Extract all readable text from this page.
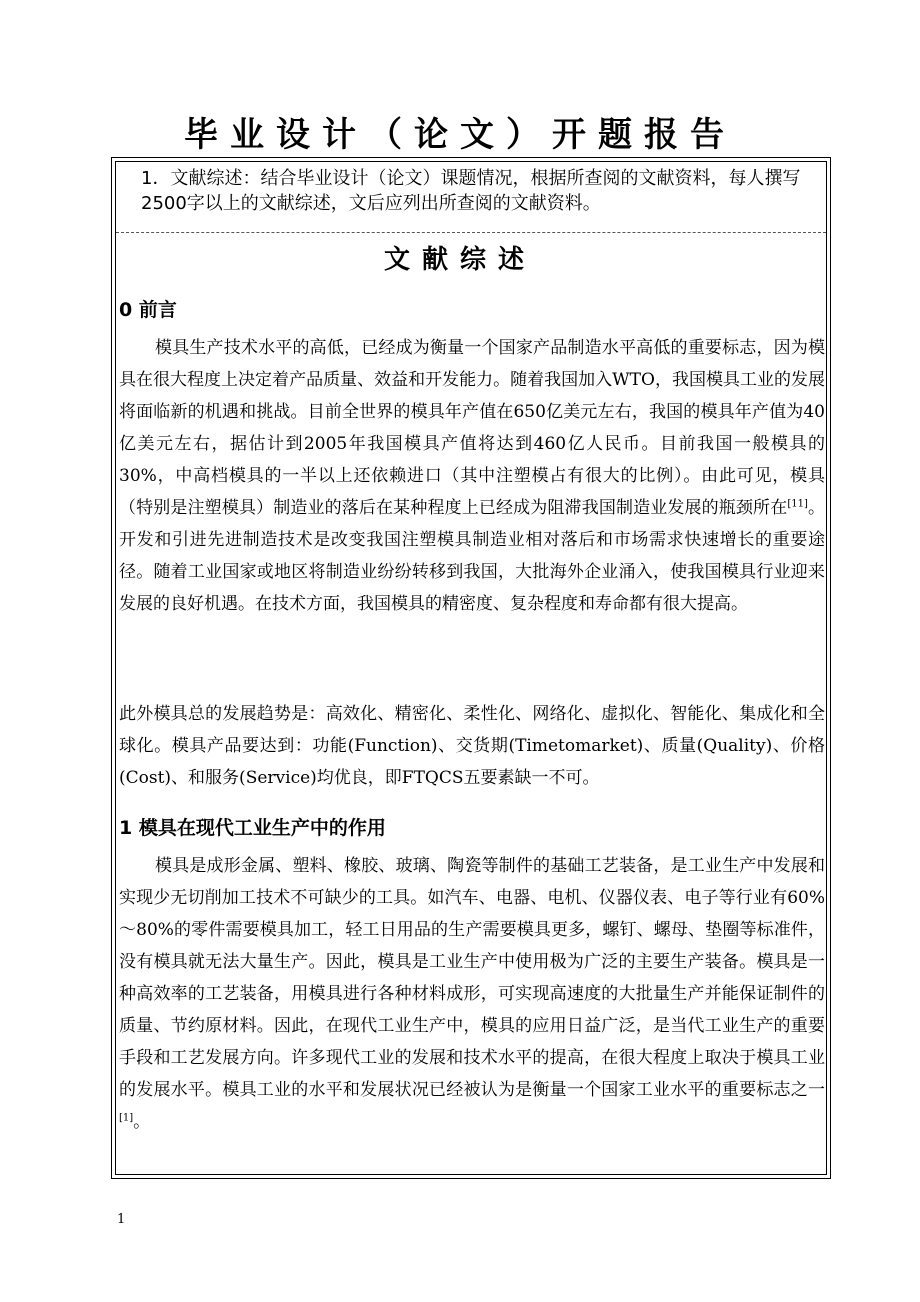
毕业设计（论文）开题报告

1．文献综述：结合毕业设计（论文）课题情况，根据所查阅的文献资料，每人撰写2500字以上的文献综述，文后应列出所查阅的文献资料。

文献综述
0 前言

模具生产技术水平的高低，已经成为衡量一个国家产品制造水平高低的重要标志，因为模具在很大程度上决定着产品质量、效益和开发能力。随着我国加入WTO，我国模具工业的发展将面临新的机遇和挑战。目前全世界的模具年产值在650亿美元左右，我国的模具年产值为40亿美元左右，据估计到2005年我国模具产值将达到460亿人民币。目前我国一般模具的30%，中高档模具的一半以上还依赖进口（其中注塑模占有很大的比例）。由此可见，模具（特别是注塑模具）制造业的落后在某种程度上已经成为阻滞我国制造业发展的瓶颈所在[11]。开发和引进先进制造技术是改变我国注塑模具制造业相对落后和市场需求快速增长的重要途径。随着工业国家或地区将制造业纷纷转移到我国，大批海外企业涌入，使我国模具行业迎来发展的良好机遇。在技术方面，我国模具的精密度、复杂程度和寿命都有很大提高。

此外模具总的发展趋势是：高效化、精密化、柔性化、网络化、虚拟化、智能化、集成化和全球化。模具产品要达到：功能(Function)、交货期(Timetomarket)、质量(Quality)、价格(Cost)、和服务(Service)均优良，即FTQCS五要素缺一不可。

1 模具在现代工业生产中的作用

模具是成形金属、塑料、橡胶、玻璃、陶瓷等制件的基础工艺装备，是工业生产中发展和实现少无切削加工技术不可缺少的工具。如汽车、电器、电机、仪器仪表、电子等行业有60%～80%的零件需要模具加工，轻工日用品的生产需要模具更多，螺钉、螺母、垫圈等标准件，没有模具就无法大量生产。因此，模具是工业生产中使用极为广泛的主要生产装备。模具是一种高效率的工艺装备，用模具进行各种材料成形，可实现高速度的大批量生产并能保证制件的质量、节约原材料。因此，在现代工业生产中，模具的应用日益广泛，是当代工业生产的重要手段和工艺发展方向。许多现代工业的发展和技术水平的提高，在很大程度上取决于模具工业的发展水平。模具工业的水平和发展状况已经被认为是衡量一个国家工业水平的重要标志之一[1]。

1
